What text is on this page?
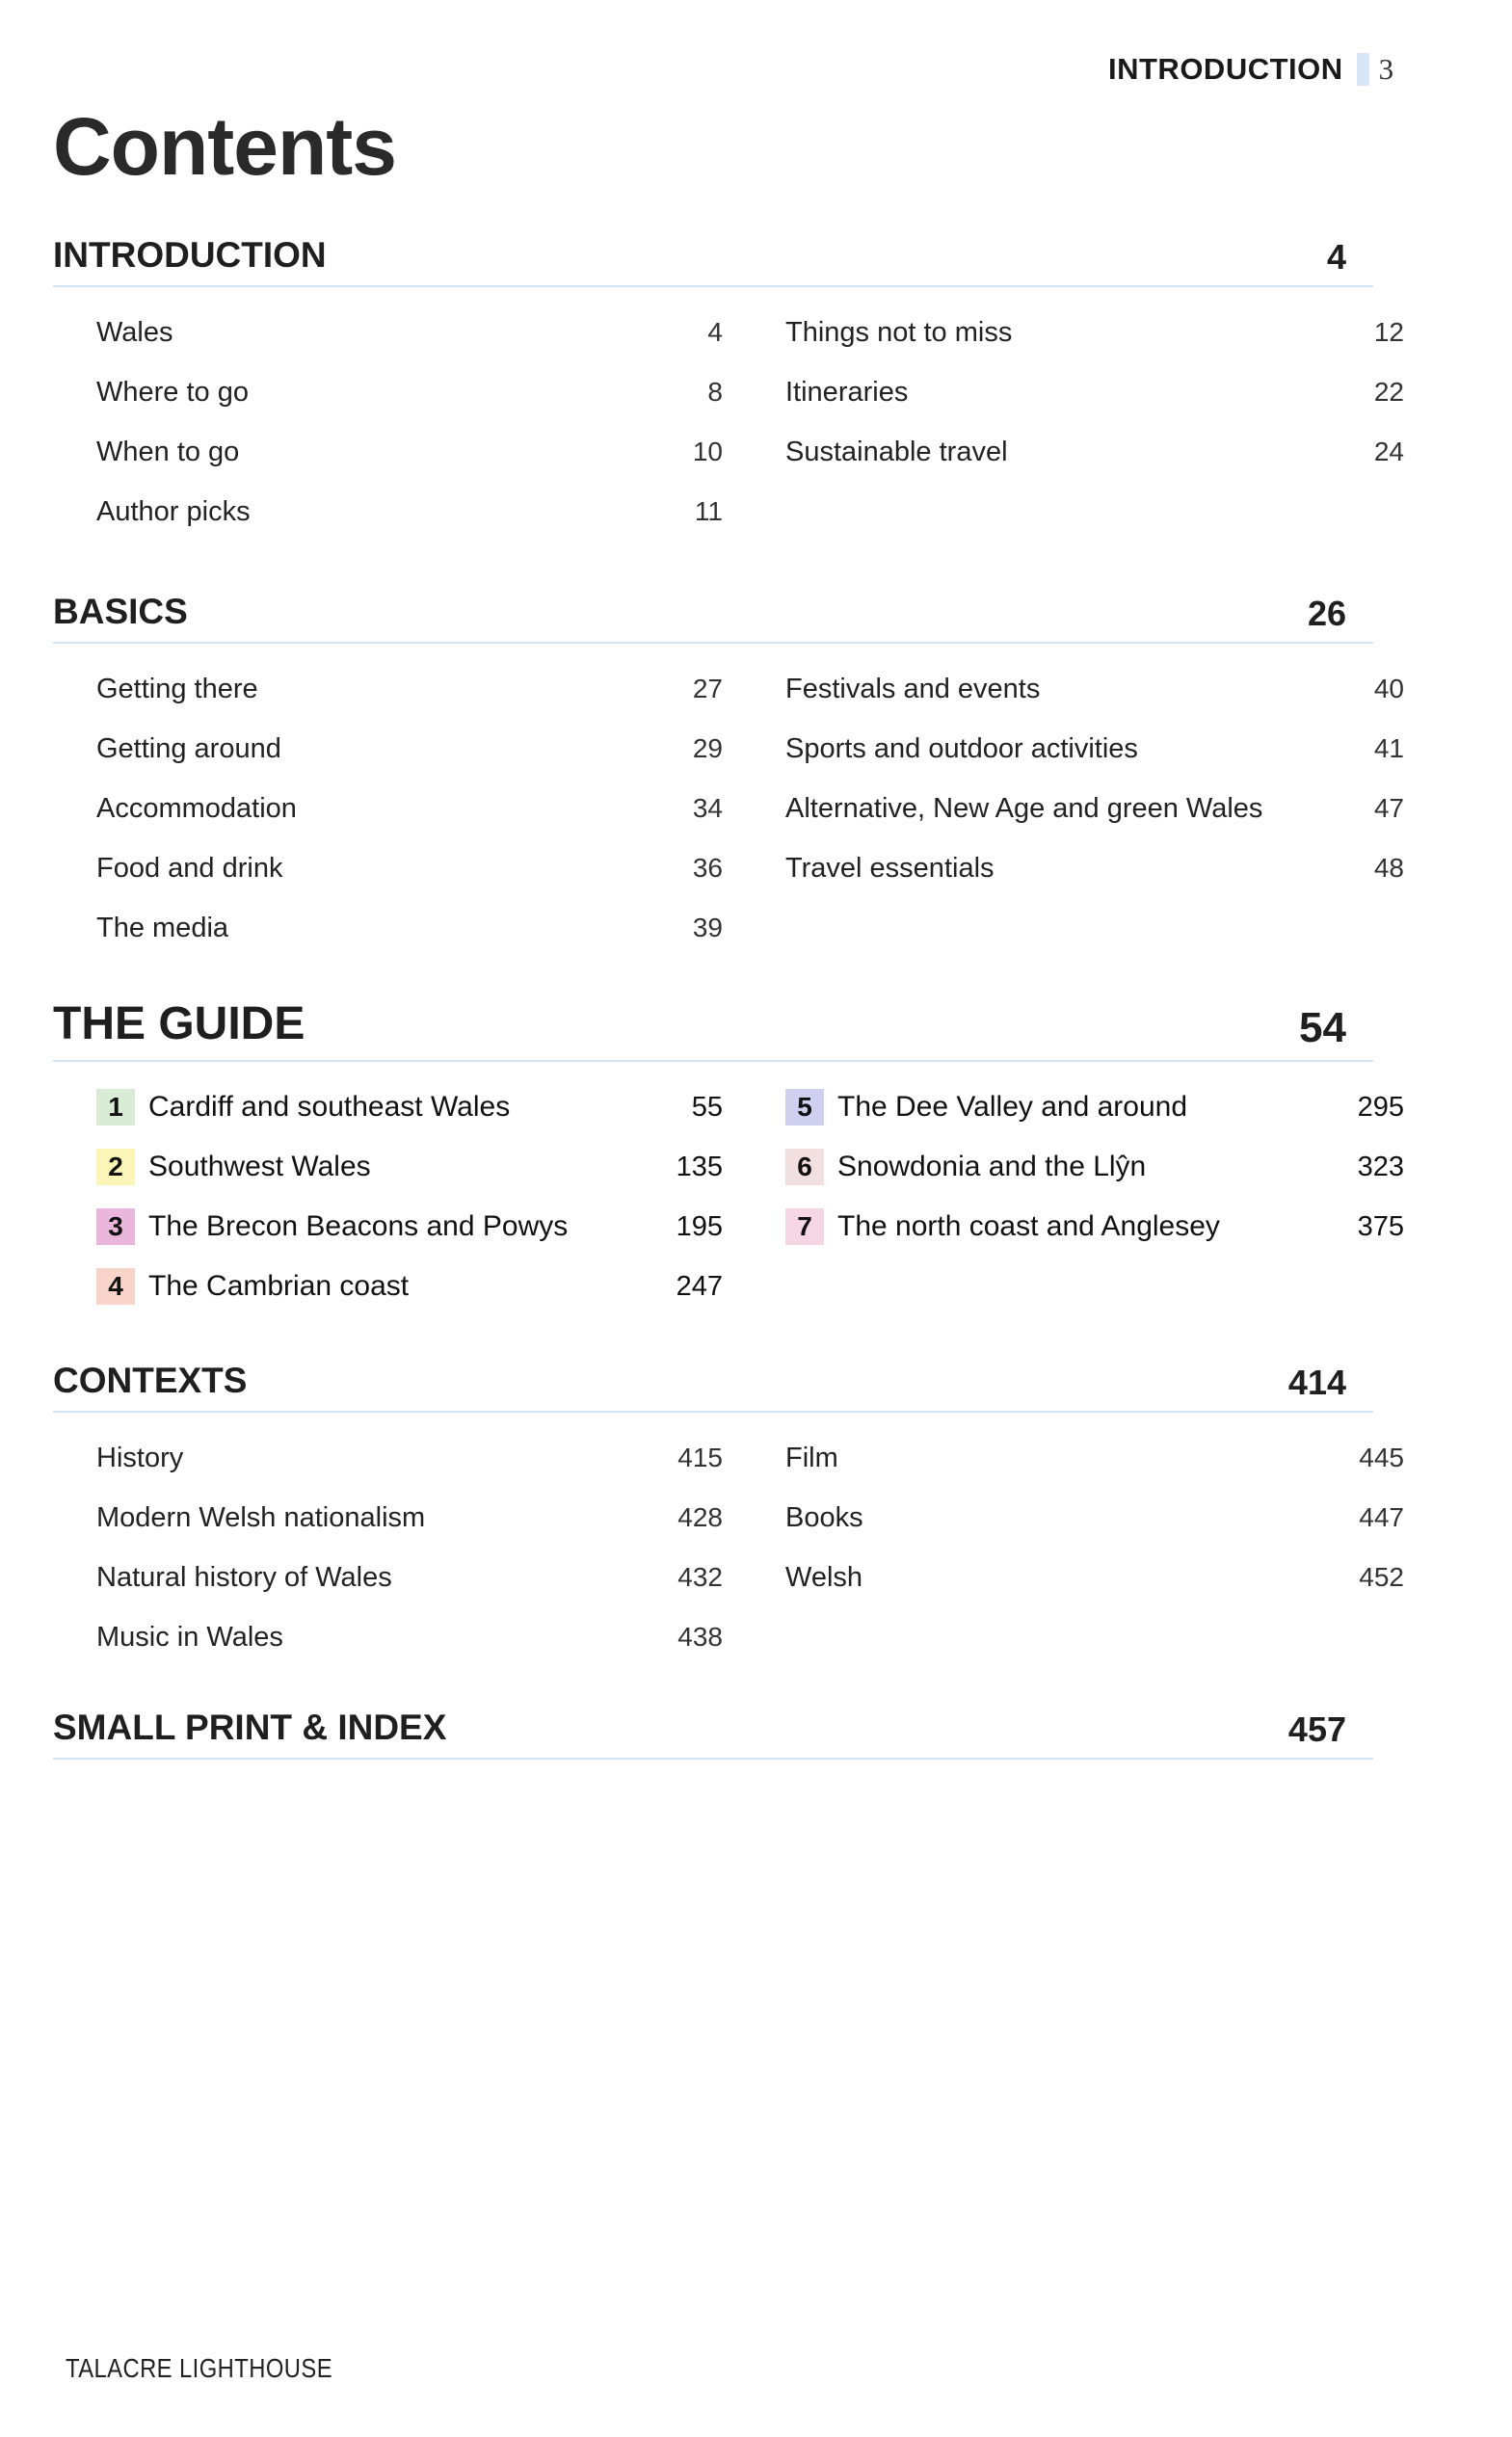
INTRODUCTION 3
Contents
INTRODUCTION	4
Wales	4
Where to go	8
When to go	10
Author picks	11
Things not to miss	12
Itineraries	22
Sustainable travel	24
BASICS	26
Getting there	27
Getting around	29
Accommodation	34
Food and drink	36
The media	39
Festivals and events	40
Sports and outdoor activities	41
Alternative, New Age and green Wales	47
Travel essentials	48
THE GUIDE	54
1 Cardiff and southeast Wales	55
2 Southwest Wales	135
3 The Brecon Beacons and Powys	195
4 The Cambrian coast	247
5 The Dee Valley and around	295
6 Snowdonia and the Llŷn	323
7 The north coast and Anglesey	375
CONTEXTS	414
History	415
Modern Welsh nationalism	428
Natural history of Wales	432
Music in Wales	438
Film	445
Books	447
Welsh	452
SMALL PRINT & INDEX	457
TALACRE LIGHTHOUSE
